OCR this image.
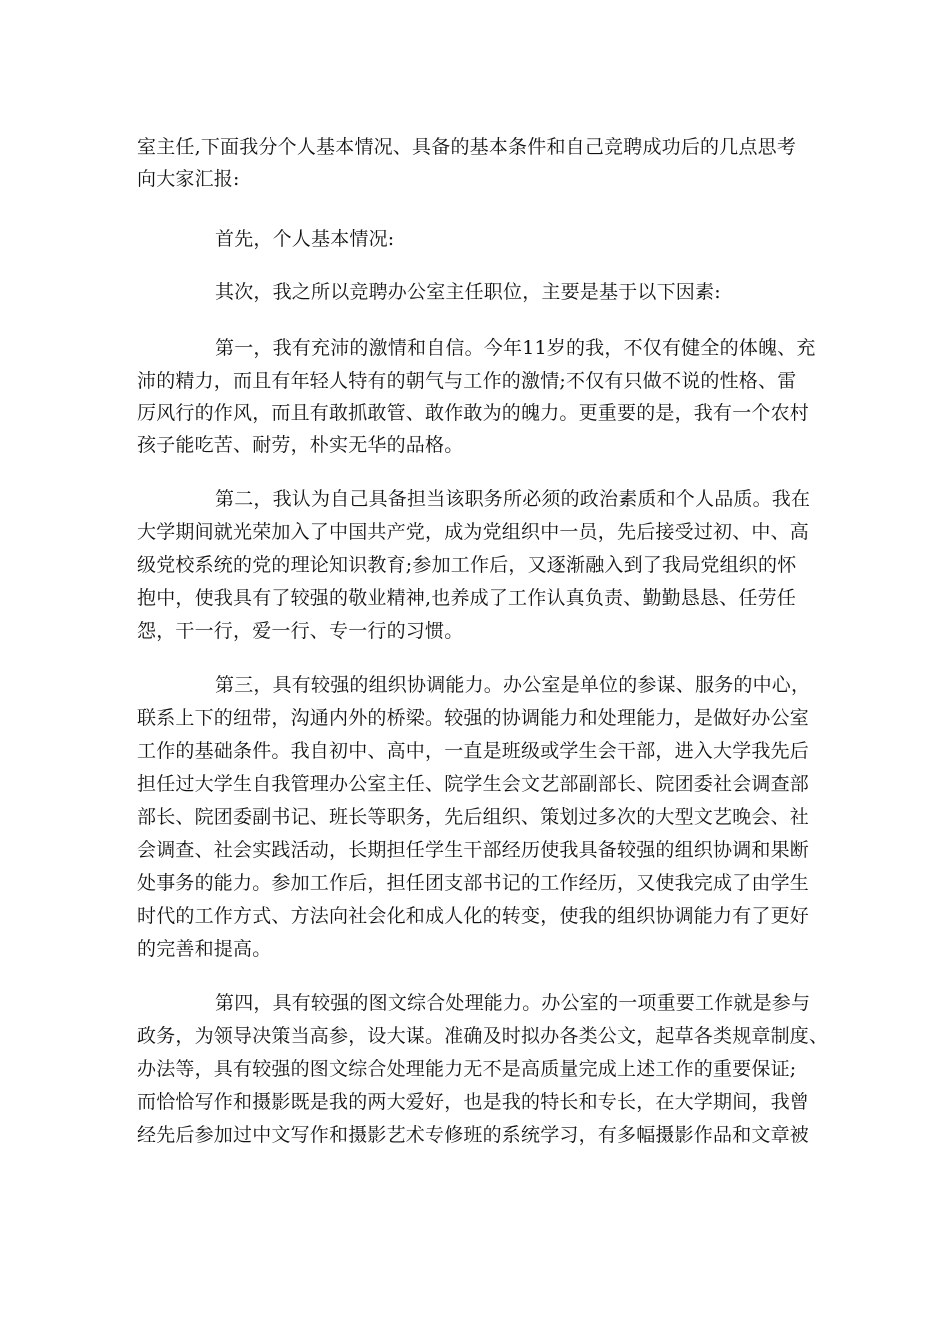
室主任,下面我分个人基本情况、具备的基本条件和自己竞聘成功后的几点思考

向大家汇报:

首先，个人基本情况:

其次，我之所以竞聘办公室主任职位，主要是基于以下因素:

第一，我有充沛的激情和自信。今年11岁的我，不仅有健全的体魄、充

沛的精力，而且有年轻人特有的朝气与工作的激情;不仅有只做不说的性格、雷

厉风行的作风，而且有敢抓敢管、敢作敢为的魄力。更重要的是，我有一个农村

孩子能吃苦、耐劳，朴实无华的品格。

第二，我认为自己具备担当该职务所必须的政治素质和个人品质。我在

大学期间就光荣加入了中国共产党，成为党组织中一员，先后接受过初、中、高

级党校系统的党的理论知识教育;参加工作后，又逐渐融入到了我局党组织的怀

抱中，使我具有了较强的敬业精神,也养成了工作认真负责、勤勤恳恳、任劳任

怨，干一行，爱一行、专一行的习惯。

第三，具有较强的组织协调能力。办公室是单位的参谋、服务的中心，

联系上下的纽带，沟通内外的桥梁。较强的协调能力和处理能力，是做好办公室

工作的基础条件。我自初中、高中，一直是班级或学生会干部，进入大学我先后

担任过大学生自我管理办公室主任、院学生会文艺部副部长、院团委社会调查部

部长、院团委副书记、班长等职务，先后组织、策划过多次的大型文艺晚会、社

会调查、社会实践活动，长期担任学生干部经历使我具备较强的组织协调和果断

处事务的能力。参加工作后，担任团支部书记的工作经历，又使我完成了由学生

时代的工作方式、方法向社会化和成人化的转变，使我的组织协调能力有了更好

的完善和提高。

第四，具有较强的图文综合处理能力。办公室的一项重要工作就是参与

政务，为领导决策当高参，设大谋。准确及时拟办各类公文，起草各类规章制度、

办法等，具有较强的图文综合处理能力无不是高质量完成上述工作的重要保证;

而恰恰写作和摄影既是我的两大爱好，也是我的特长和专长，在大学期间，我曾

经先后参加过中文写作和摄影艺术专修班的系统学习，有多幅摄影作品和文章被
